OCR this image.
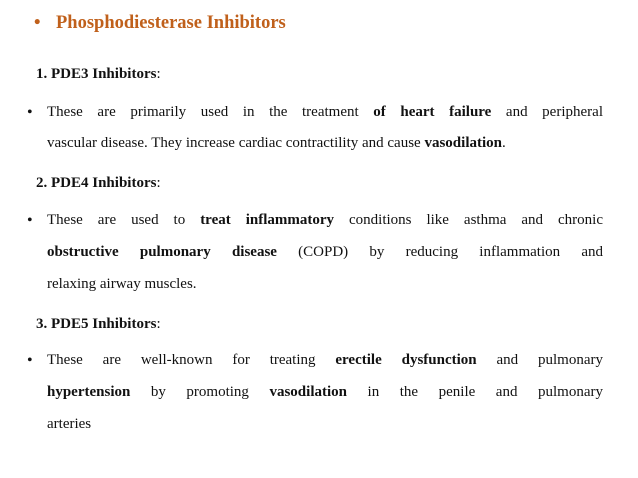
• Phosphodiesterase Inhibitors
1. PDE3 Inhibitors:
• These are primarily used in the treatment of heart failure and peripheral
vascular disease. They increase cardiac contractility and cause vasodilation.
2. PDE4 Inhibitors:
• These are used to treat inflammatory conditions like asthma and chronic
obstructive pulmonary disease (COPD) by reducing inflammation and
relaxing airway muscles.
3. PDE5 Inhibitors:
• These are well-known for treating erectile dysfunction and pulmonary
hypertension by promoting vasodilation in the penile and pulmonary
arteries
